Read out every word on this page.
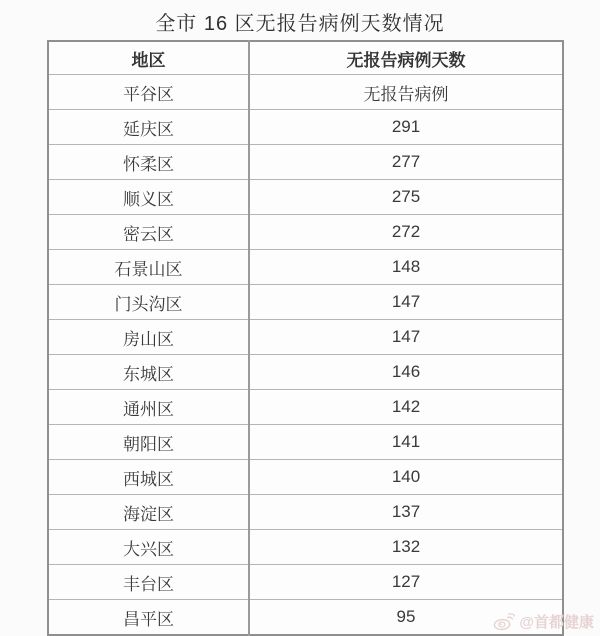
全市 16 区无报告病例天数情况
地区	无报告病例天数
平谷区	无报告病例
延庆区	291
怀柔区	277
顺义区	275
密云区	272
石景山区	148
门头沟区	147
房山区	147
东城区	146
通州区	142
朝阳区	141
西城区	140
海淀区	137
大兴区	132
丰台区	127
昌平区	95	@首都健康
